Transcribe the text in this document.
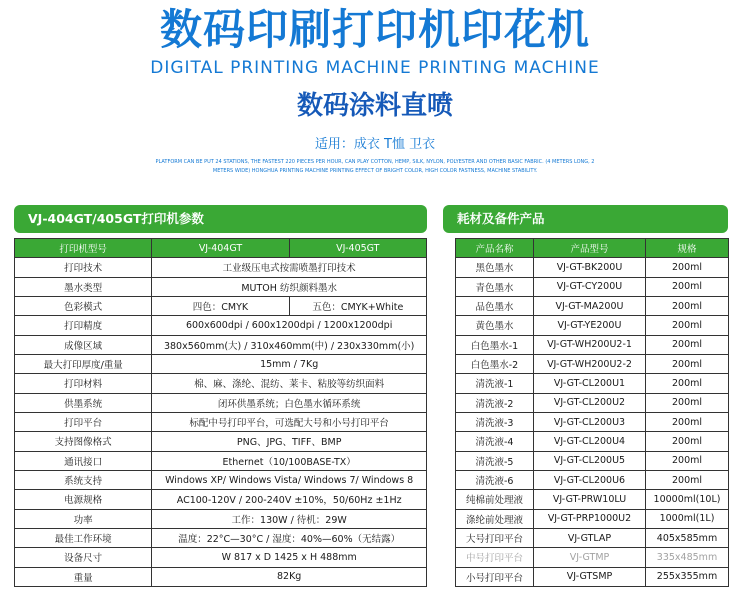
数码印刷打印机印花机
DIGITAL PRINTING MACHINE PRINTING MACHINE
数码涂料直喷
适用：成衣 T恤 卫衣
PLATFORM CAN BE PUT 24 STATIONS, THE FASTEST 220 PIECES PER HOUR, CAN PLAY COTTON, HEMP, SILK, NYLON, POLYESTER AND OTHER BASIC FABRIC. (4 METERS LONG, 2 METERS WIDE) HONGHUA PRINTING MACHINE PRINTING EFFECT OF BRIGHT COLOR, HIGH COLOR FASTNESS, MACHINE STABILITY.
VJ-404GT/405GT打印机参数	耗材及备件产品
打印机型号	VJ-404GT	VJ-405GT
打印技术	工业级压电式按需喷墨打印技术	
墨水类型	MUTOH 纺织颜料墨水	
色彩模式	四色：CMYK	五色：CMYK+White
打印精度	600x600dpi / 600x1200dpi / 1200x1200dpi	
成像区域	380x560mm(大) / 310x460mm(中) / 230x330mm(小)	
最大打印厚度/重量	15mm / 7Kg	
打印材料	棉、麻、涤纶、混纺、莱卡、粘胶等纺织面料	
供墨系统	闭环供墨系统；白色墨水循环系统	
打印平台	标配中号打印平台，可选配大号和小号打印平台	
支持图像格式	PNG、JPG、TIFF、BMP	
通讯接口	Ethernet（10/100BASE-TX）	
系统支持	Windows XP/ Windows Vista/ Windows 7/ Windows 8	
电源规格	AC100-120V / 200-240V ±10%，50/60Hz ±1Hz	
功率	工作：130W / 待机：29W	
最佳工作环境	温度：22°C—30°C / 湿度：40%—60%（无结露）	
设备尺寸	W 817 x D 1425 x H 488mm	
重量	82Kg	
产品名称	产品型号	规格
黑色墨水	VJ-GT-BK200U	200ml
青色墨水	VJ-GT-CY200U	200ml
品色墨水	VJ-GT-MA200U	200ml
黄色墨水	VJ-GT-YE200U	200ml
白色墨水-1	VJ-GT-WH200U2-1	200ml
白色墨水-2	VJ-GT-WH200U2-2	200ml
清洗液-1	VJ-GT-CL200U1	200ml
清洗液-2	VJ-GT-CL200U2	200ml
清洗液-3	VJ-GT-CL200U3	200ml
清洗液-4	VJ-GT-CL200U4	200ml
清洗液-5	VJ-GT-CL200U5	200ml
清洗液-6	VJ-GT-CL200U6	200ml
纯棉前处理液	VJ-GT-PRW10LU	10000ml(10L)
涤纶前处理液	VJ-GT-PRP1000U2	1000ml(1L)
大号打印平台	VJ-GTLAP	405x585mm
中号打印平台	VJ-GTMP	335x485mm
小号打印平台	VJ-GTSMP	255x355mm
